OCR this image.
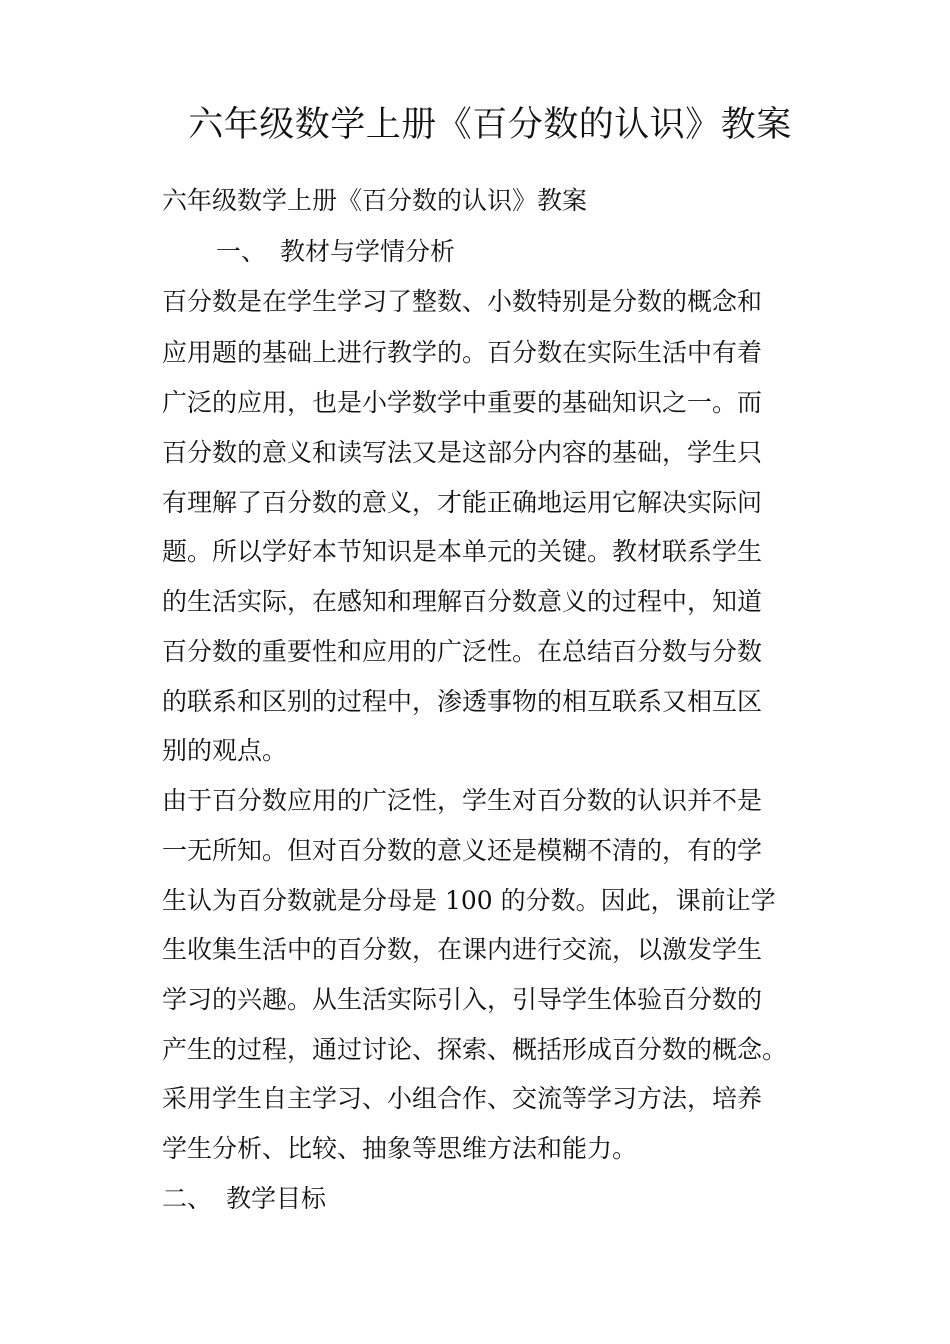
六年级数学上册《百分数的认识》教案

六年级数学上册《百分数的认识》教案

一、 教材与学情分析

百分数是在学生学习了整数、小数特别是分数的概念和

应用题的基础上进行教学的。百分数在实际生活中有着

广泛的应用，也是小学数学中重要的基础知识之一。而

百分数的意义和读写法又是这部分内容的基础，学生只

有理解了百分数的意义，才能正确地运用它解决实际问

题。所以学好本节知识是本单元的关键。教材联系学生

的生活实际，在感知和理解百分数意义的过程中，知道

百分数的重要性和应用的广泛性。在总结百分数与分数

的联系和区别的过程中，渗透事物的相互联系又相互区

别的观点。

由于百分数应用的广泛性，学生对百分数的认识并不是

一无所知。但对百分数的意义还是模糊不清的，有的学

生认为百分数就是分母是 100 的分数。因此，课前让学

生收集生活中的百分数，在课内进行交流，以激发学生

学习的兴趣。从生活实际引入，引导学生体验百分数的

产生的过程，通过讨论、探索、概括形成百分数的概念。

采用学生自主学习、小组合作、交流等学习方法，培养

学生分析、比较、抽象等思维方法和能力。

二、 教学目标
